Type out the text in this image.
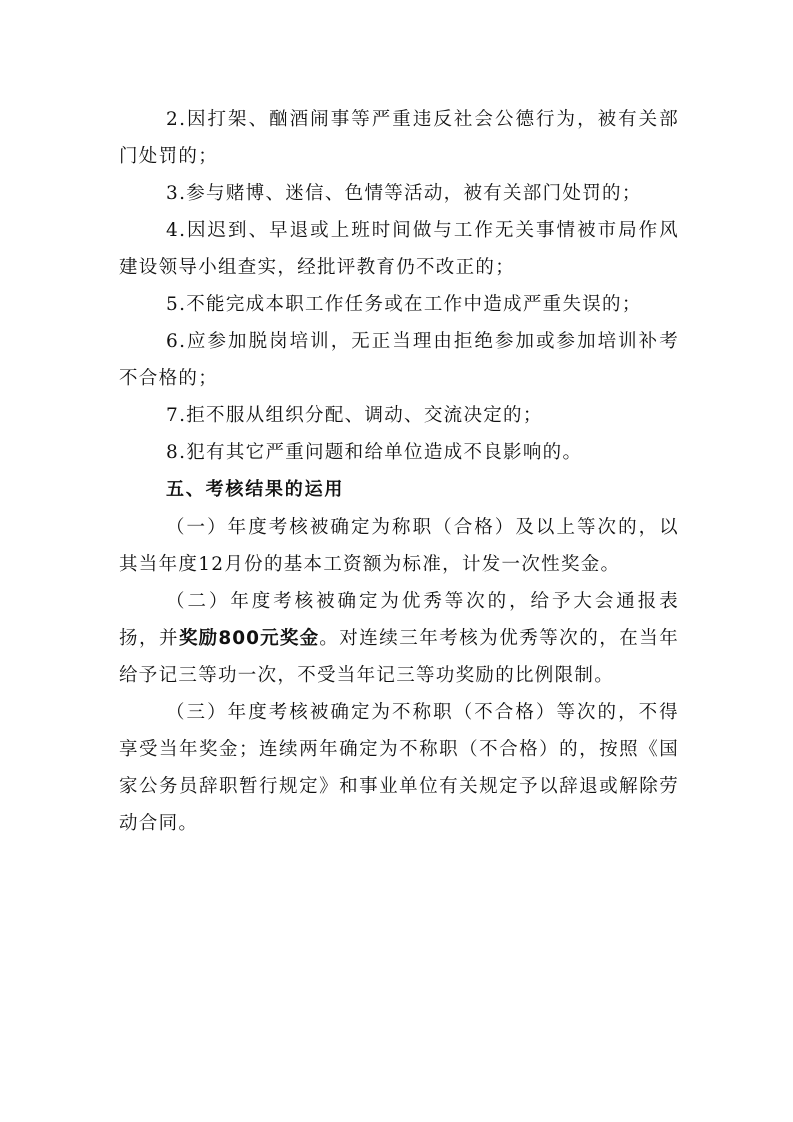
2.因打架、酗酒闹事等严重违反社会公德行为，被有关部门处罚的；

3.参与赌博、迷信、色情等活动，被有关部门处罚的；

4.因迟到、早退或上班时间做与工作无关事情被市局作风建设领导小组查实，经批评教育仍不改正的；

5.不能完成本职工作任务或在工作中造成严重失误的；

6.应参加脱岗培训，无正当理由拒绝参加或参加培训补考不合格的；

7.拒不服从组织分配、调动、交流决定的；

8.犯有其它严重问题和给单位造成不良影响的。

五、考核结果的运用

（一）年度考核被确定为称职（合格）及以上等次的，以其当年度12月份的基本工资额为标准，计发一次性奖金。

（二）年度考核被确定为优秀等次的，给予大会通报表扬，并奖励800元奖金。对连续三年考核为优秀等次的，在当年给予记三等功一次，不受当年记三等功奖励的比例限制。

（三）年度考核被确定为不称职（不合格）等次的，不得享受当年奖金；连续两年确定为不称职（不合格）的，按照《国家公务员辞职暂行规定》和事业单位有关规定予以辞退或解除劳动合同。
